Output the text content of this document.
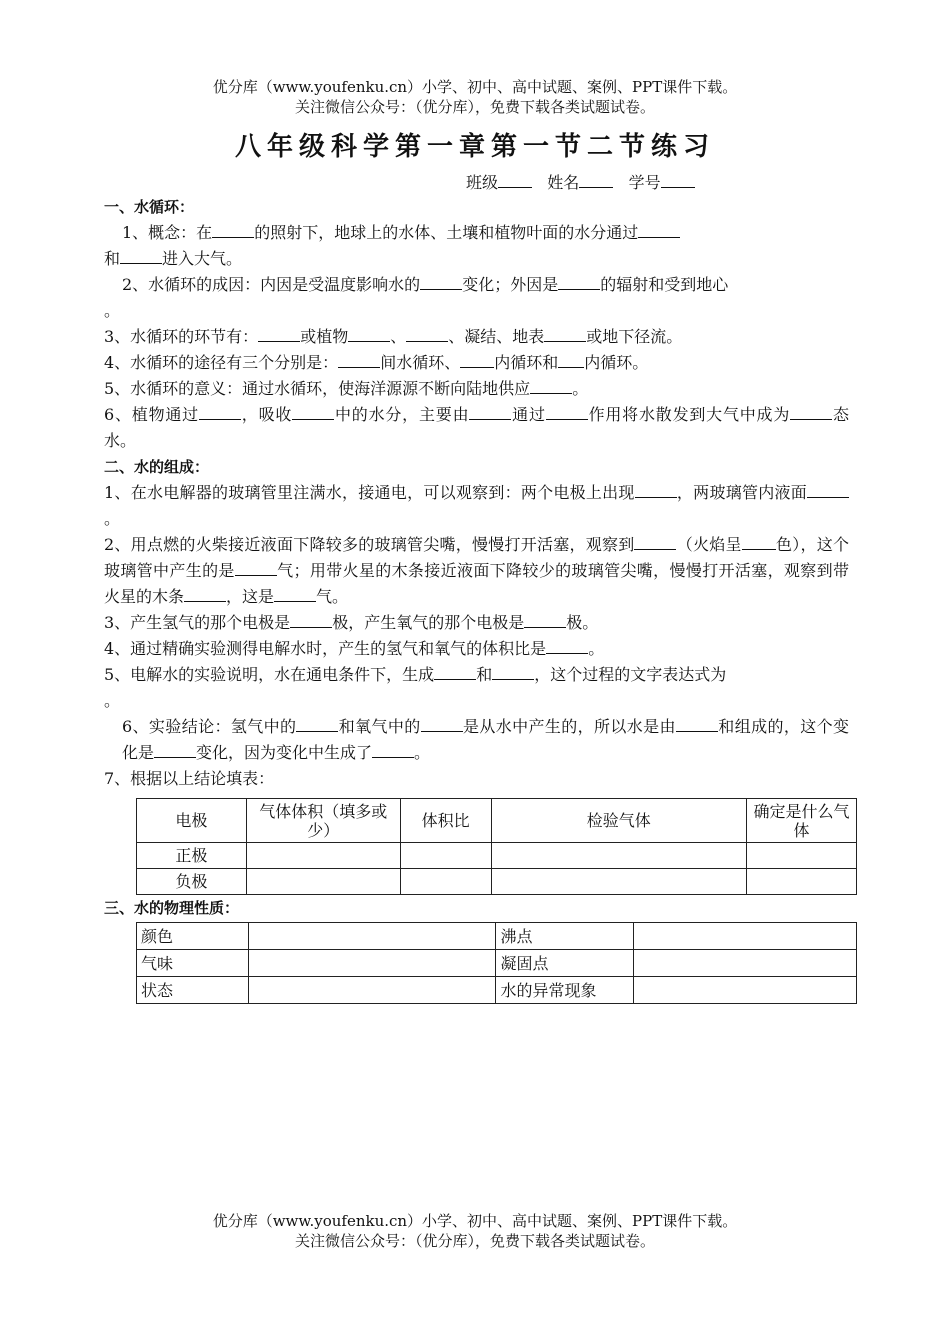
优分库（www.youfenku.cn）小学、初中、高中试题、案例、PPT课件下载。
关注微信公众号：（优分库），免费下载各类试题试卷。
八年级科学第一章第一节二节练习
班级	姓名	学号

一、水循环：

1、概念：在	的照射下，地球上的水体、土壤和植物叶面的水分通过

和	进入大气。

2、水循环的成因：内因是受温度影响水的	变化；外因是	的辐射和受到地心

。

3、水循环的环节有：	或植物	、	、凝结、地表	或地下径流。

4、水循环的途径有三个分别是：	间水循环、 内循环和 内循环。

5、水循环的意义：通过水循环，使海洋源源不断向陆地供应	。

6、植物通过	，吸收	中的水分，主要由	通过	作用将水散发到大气中成为	态水。

二、水的组成：

1、在水电解器的玻璃管里注满水，接通电，可以观察到：两个电极上出现	，两玻璃管内液面。

2、用点燃的火柴接近液面下降较多的玻璃管尖嘴，慢慢打开活塞，观察到	（火焰呈 色），这个玻璃管中产生的是	气；用带火星的木条接近液面下降较少的玻璃管尖嘴，慢慢打开活塞，观察到带火星的木条	，这是	气。

3、产生氢气的那个电极是	极，产生氧气的那个电极是	极。

4、通过精确实验测得电解水时，产生的氢气和氧气的体积比是	。

5、电解水的实验说明，水在通电条件下，生成	和	，这个过程的文字表达式为

。

6、实验结论：氢气中的	和氧气中的	是从水中产生的，所以水是由	和组成的，这个变化是	变化，因为变化中生成了	。

7、根据以上结论填表：

电极	气体体积（填多或少）	体积比	检验气体	确定是什么气体
正极				
负极				

三、水的物理性质：

颜色		沸点	
气味		凝固点	
状态		水的异常现象	
优分库（www.youfenku.cn）小学、初中、高中试题、案例、PPT课件下载。
关注微信公众号：（优分库），免费下载各类试题试卷。
